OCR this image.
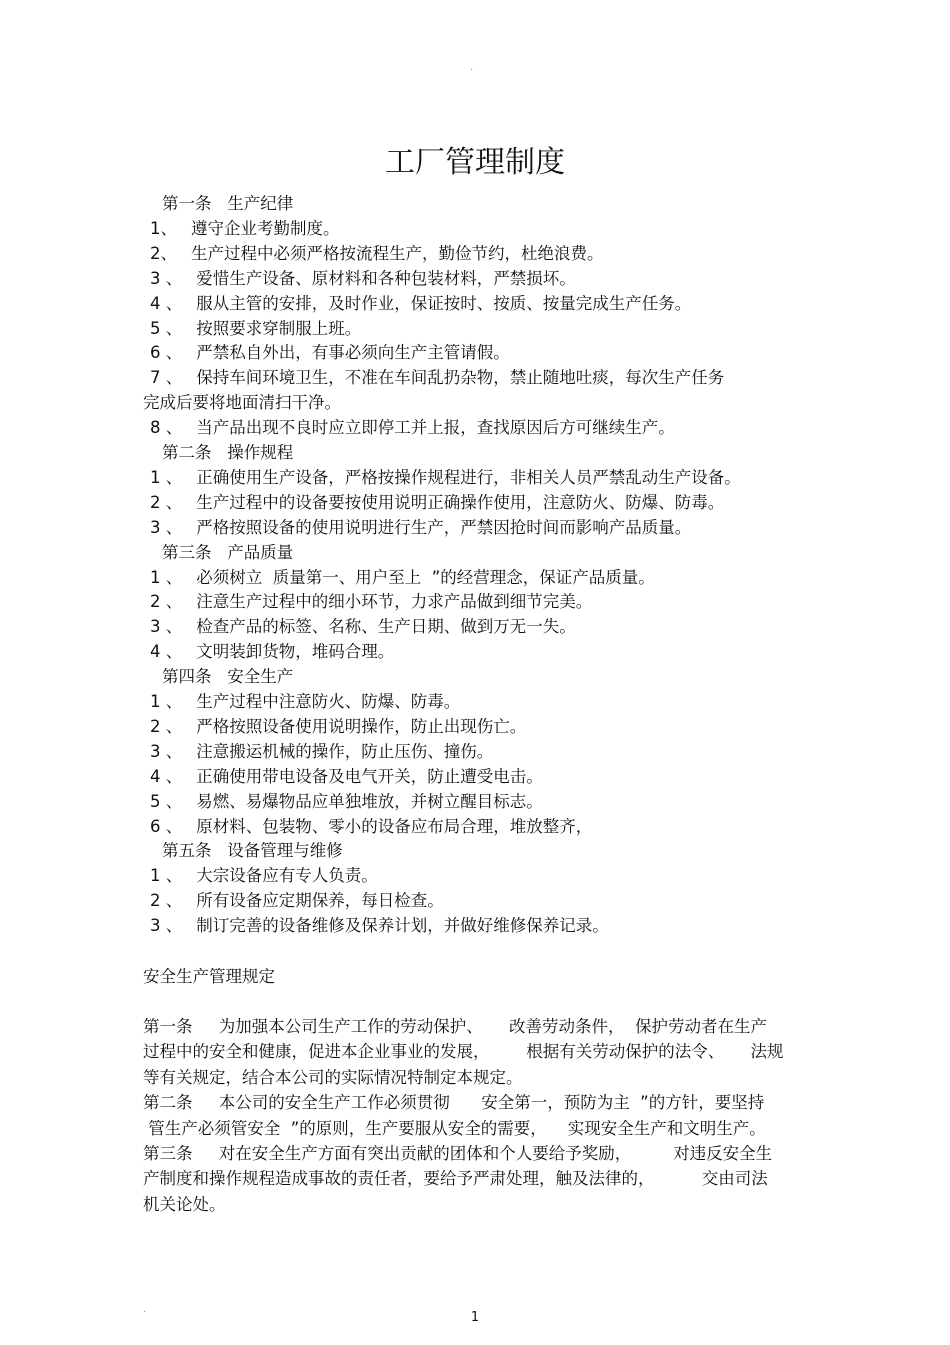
·
工厂管理制度
第一条   生产纪律
1、 遵守企业考勤制度。
2、 生产过程中必须严格按流程生产，勤俭节约，杜绝浪费。
3 、 爱惜生产设备、原材料和各种包装材料，严禁损坏。
4 、 服从主管的安排，及时作业，保证按时、按质、按量完成生产任务。
5 、 按照要求穿制服上班。
6 、 严禁私自外出，有事必须向生产主管请假。
7 、 保持车间环境卫生，不准在车间乱扔杂物，禁止随地吐痰，每次生产任务
完成后要将地面清扫干净。
8 、 当产品出现不良时应立即停工并上报，查找原因后方可继续生产。
第二条   操作规程
1 、 正确使用生产设备，严格按操作规程进行，非相关人员严禁乱动生产设备。
2 、 生产过程中的设备要按使用说明正确操作使用，注意防火、防爆、防毒。
3 、 严格按照设备的使用说明进行生产，严禁因抢时间而影响产品质量。
第三条   产品质量
1 、 必须树立  质量第一、用户至上  ”的经营理念，保证产品质量。
2 、 注意生产过程中的细小环节，力求产品做到细节完美。
3 、 检查产品的标签、名称、生产日期、做到万无一失。
4 、 文明装卸货物，堆码合理。
第四条   安全生产
1 、 生产过程中注意防火、防爆、防毒。
2 、 严格按照设备使用说明操作，防止出现伤亡。
3 、 注意搬运机械的操作，防止压伤、撞伤。
4 、 正确使用带电设备及电气开关，防止遭受电击。
5 、 易燃、易爆物品应单独堆放，并树立醒目标志。
6 、 原材料、包装物、零小的设备应布局合理，堆放整齐，
第五条   设备管理与维修
1 、 大宗设备应有专人负责。
2 、 所有设备应定期保养，每日检查。
3 、 制订完善的设备维修及保养计划，并做好维修保养记录。
安全生产管理规定
第一条     为加强本公司生产工作的劳动保护、     改善劳动条件，  保护劳动者在生产
过程中的安全和健康，促进本企业事业的发展，       根据有关劳动保护的法令、     法规
等有关规定，结合本公司的实际情况特制定本规定。
第二条     本公司的安全生产工作必须贯彻      安全第一，预防为主  ”的方针，要坚持
管生产必须管安全  ”的原则，生产要服从安全的需要，    实现安全生产和文明生产。
第三条     对在安全生产方面有突出贡献的团体和个人要给予奖励，        对违反安全生
产制度和操作规程造成事故的责任者，要给予严肃处理，触及法律的，         交由司法
机关论处。
·	1
